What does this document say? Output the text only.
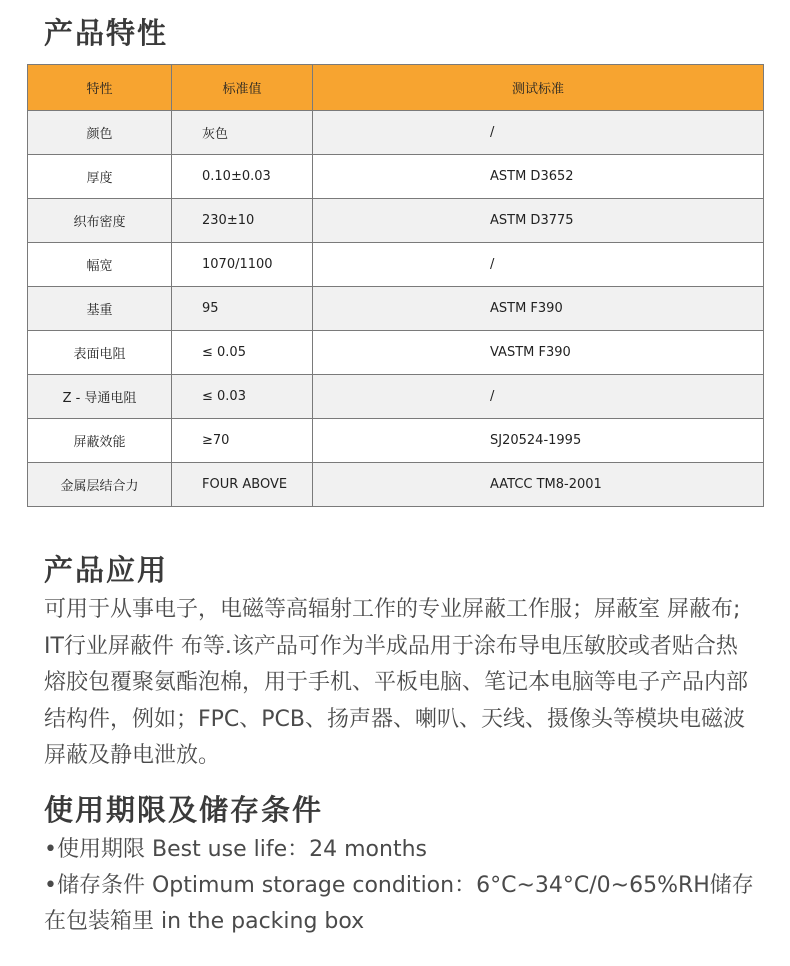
产品特性
特性	标准值	测试标准
颜色	灰色	/
厚度	0.10±0.03	ASTM D3652
织布密度	230±10	ASTM D3775
幅宽	1070/1100	/
基重	95	ASTM F390
表面电阻	≤ 0.05	VASTM F390
Z - 导通电阻	≤ 0.03	/
屏蔽效能	≥70	SJ20524-1995
金属层结合力	FOUR ABOVE	AATCC TM8-2001
产品应用

可用于从事电子，电磁等高辐射工作的专业屏蔽工作服；屏蔽室 屏蔽布; IT行业屏蔽件 布等.该产品可作为半成品用于涂布导电压敏胶或者贴合热熔胶包覆聚氨酯泡棉，用于手机、平板电脑、笔记本电脑等电子产品内部结构件，例如；FPC、PCB、扬声器、喇叭、天线、摄像头等模块电磁波屏蔽及静电泄放。

使用期限及储存条件
• 使用期限 Best use life：24 months
• 储存条件 Optimum storage condition：6°C~34°C/0~65%RH储存在包装箱里 in the packing box
